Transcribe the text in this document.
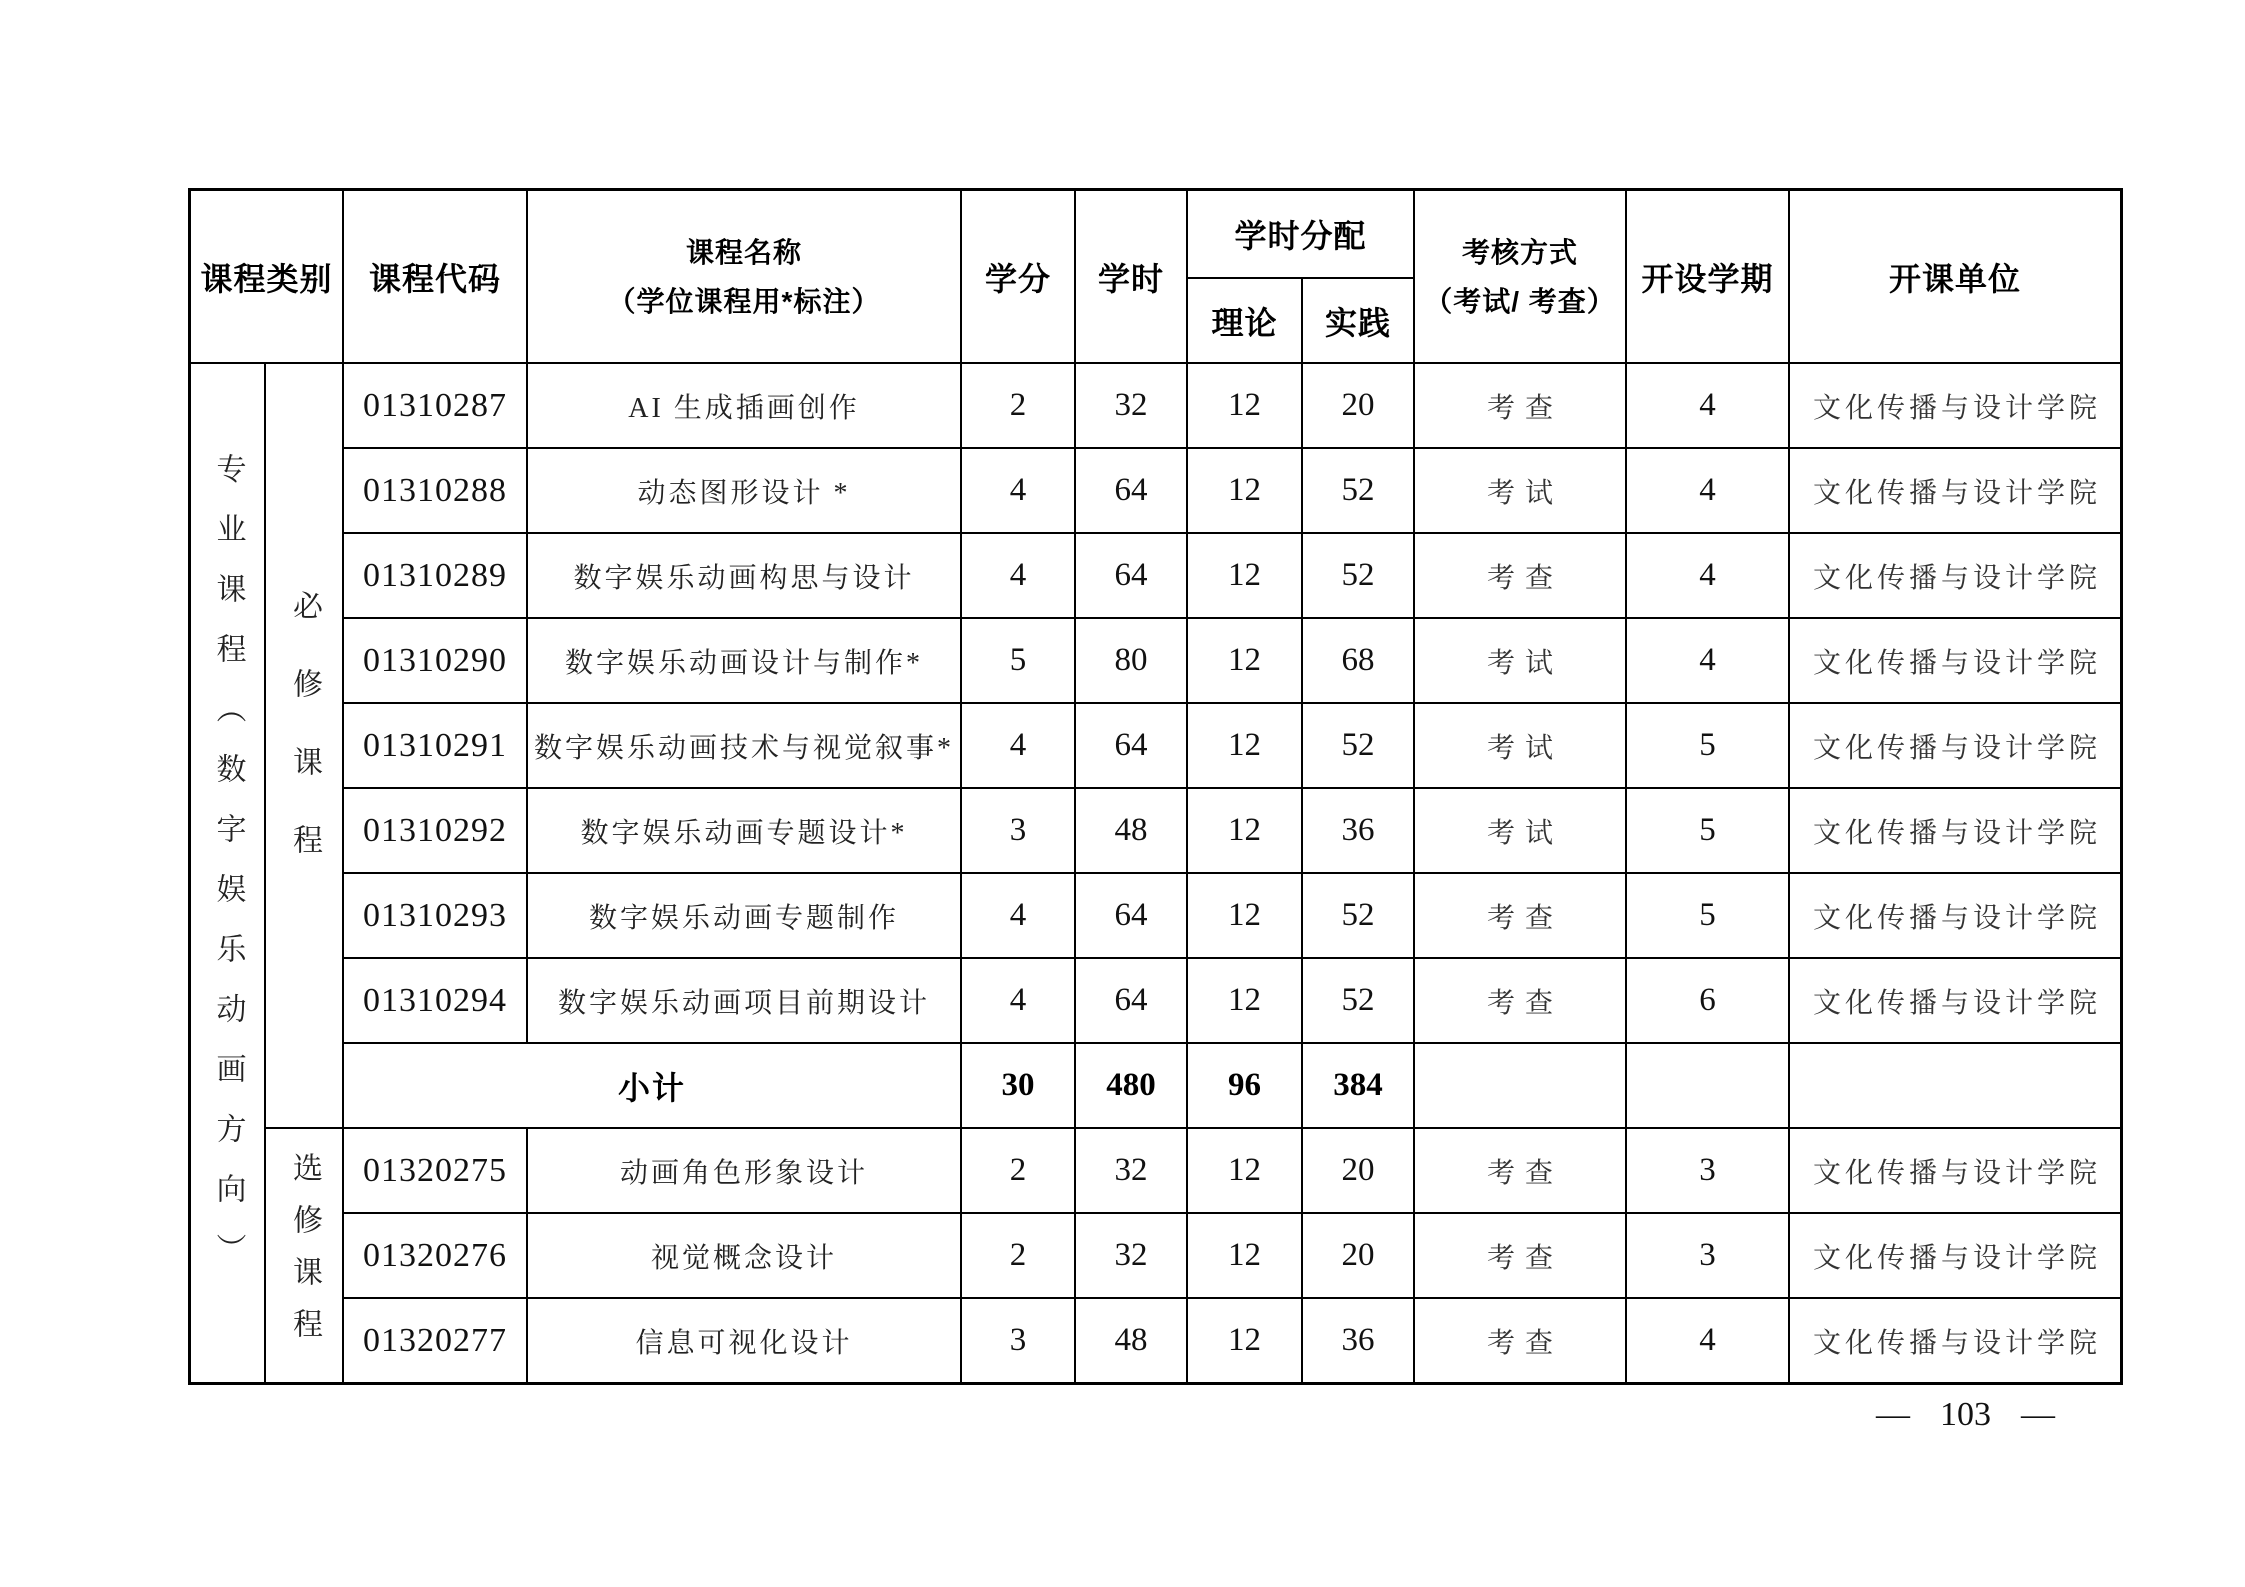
课程类别	课程代码
课程名称
（学位课程用*标注）
学分	学时
学时分配
理论	实践
考核方式
（考试/ 考查）
开设学期	开课单位
专业课程（数字娱乐动画方向） 必修课程
选修课程
01310287	AI 生成插画创作	2	32	12	20	考查	4	文化传播与设计学院
01310288	动态图形设计 *	4	64	12	52	考试	4	文化传播与设计学院
01310289	数字娱乐动画构思与设计	4	64	12	52	考查	4	文化传播与设计学院
01310290	数字娱乐动画设计与制作*	5	80	12	68	考试	4	文化传播与设计学院
01310291 数字娱乐动画技术与视觉叙事*	4	64	12	52	考试	5	文化传播与设计学院
01310292	数字娱乐动画专题设计*	3	48	12	36	考试	5	文化传播与设计学院
01310293	数字娱乐动画专题制作	4	64	12	52	考查	5	文化传播与设计学院
01310294	数字娱乐动画项目前期设计	4	64	12	52	考查	6	文化传播与设计学院
小计	30	480	96	384
01320275	动画角色形象设计	2	32	12	20	考查	3	文化传播与设计学院
01320276	视觉概念设计	2	32	12	20	考查	3	文化传播与设计学院
01320277	信息可视化设计	3	48	12	36	考查	4	文化传播与设计学院
— 103 —
